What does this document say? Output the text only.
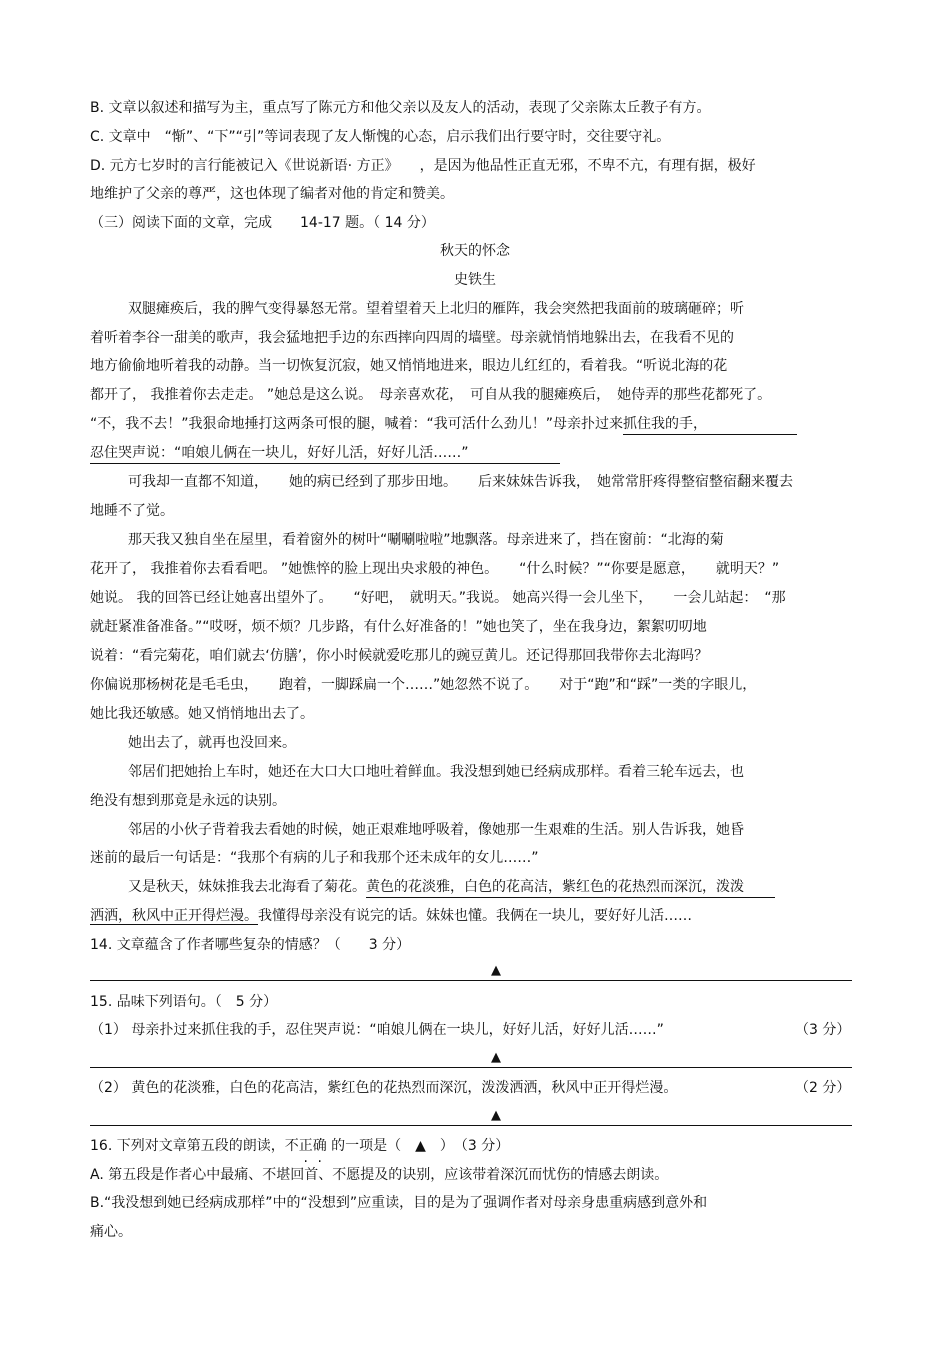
B. 文章以叙述和描写为主，重点写了陈元方和他父亲以及友人的活动，表现了父亲陈太丘教子有方。
C. 文章中　“惭”、“下”“引”等词表现了友人惭愧的心态，启示我们出行要守时，交往要守礼。
D. 元方七岁时的言行能被记入《世说新语· 方正》　　，是因为他品性正直无邪，不卑不亢，有理有据，极好
地维护了父亲的尊严，这也体现了编者对他的肯定和赞美。
（三）阅读下面的文章，完成　　14-17 题。（ 14 分）
秋天的怀念
史铁生
双腿瘫痪后，我的脾气变得暴怒无常。望着望着天上北归的雁阵，我会突然把我面前的玻璃砸碎；听
着听着李谷一甜美的歌声，我会猛地把手边的东西摔向四周的墙壁。母亲就悄悄地躲出去，在我看不见的
地方偷偷地听着我的动静。当一切恢复沉寂，她又悄悄地进来，眼边儿红红的，看着我。“听说北海的花
都开了， 我推着你去走走。 ”她总是这么说。　母亲喜欢花，　可自从我的腿瘫痪后，　她侍弄的那些花都死了。
“不，我不去！”我狠命地捶打这两条可恨的腿，喊着：“我可活什么劲儿！”母亲扑过来抓住我的手，
忍住哭声说：“咱娘儿俩在一块儿，好好儿活，好好儿活……”
可我却一直都不知道，　　她的病已经到了那步田地。　　后来妹妹告诉我，　她常常肝疼得整宿整宿翻来覆去
地睡不了觉。
那天我又独自坐在屋里，看着窗外的树叶“唰唰啦啦”地飘落。母亲进来了，挡在窗前：“北海的菊
花开了， 我推着你去看看吧。 ”她憔悴的脸上现出央求般的神色。　　“什么时候？”“你要是愿意，　　就明天？”
她说。 我的回答已经让她喜出望外了。　　“好吧，　就明天。”我说。 她高兴得一会儿坐下，　　一会儿站起：　“那
就赶紧准备准备。”“哎呀，烦不烦？几步路，有什么好准备的！”她也笑了，坐在我身边，絮絮叨叨地
说着：“看完菊花，咱们就去‘仿膳’，你小时候就爱吃那儿的豌豆黄儿。还记得那回我带你去北海吗？
你偏说那杨树花是毛毛虫，　　跑着，一脚踩扁一个……”她忽然不说了。　　对于“跑”和“踩”一类的字眼儿，
她比我还敏感。她又悄悄地出去了。
她出去了，就再也没回来。
邻居们把她抬上车时，她还在大口大口地吐着鲜血。我没想到她已经病成那样。看着三轮车远去，也
绝没有想到那竟是永远的诀别。
邻居的小伙子背着我去看她的时候，她正艰难地呼吸着，像她那一生艰难的生活。别人告诉我，她昏
迷前的最后一句话是：“我那个有病的儿子和我那个还未成年的女儿……”
又是秋天，妹妹推我去北海看了菊花。黄色的花淡雅，白色的花高洁，紫红色的花热烈而深沉，泼泼
洒洒，秋风中正开得烂漫。我懂得母亲没有说完的话。妹妹也懂。我俩在一块儿，要好好儿活……
14. 文章蕴含了作者哪些复杂的情感？（　　3 分）
▲
15. 品味下列语句。（　5 分）
（1） 母亲扑过来抓住我的手，忍住哭声说：“咱娘儿俩在一块儿，好好儿活，好好儿活……”	（3 分）
▲
（2） 黄色的花淡雅，白色的花高洁，紫红色的花热烈而深沉，泼泼洒洒，秋风中正开得烂漫。	（2 分）
▲
16. 下列对文章第五段的朗读，不正确 的一项是（　▲　）　（3 分）
A. 第五段是作者心中最痛、不堪回首、不愿提及的诀别，应该带着深沉而忧伤的情感去朗读。
B.“我没想到她已经病成那样”中的“没想到”应重读，目的是为了强调作者对母亲身患重病感到意外和
痛心。
